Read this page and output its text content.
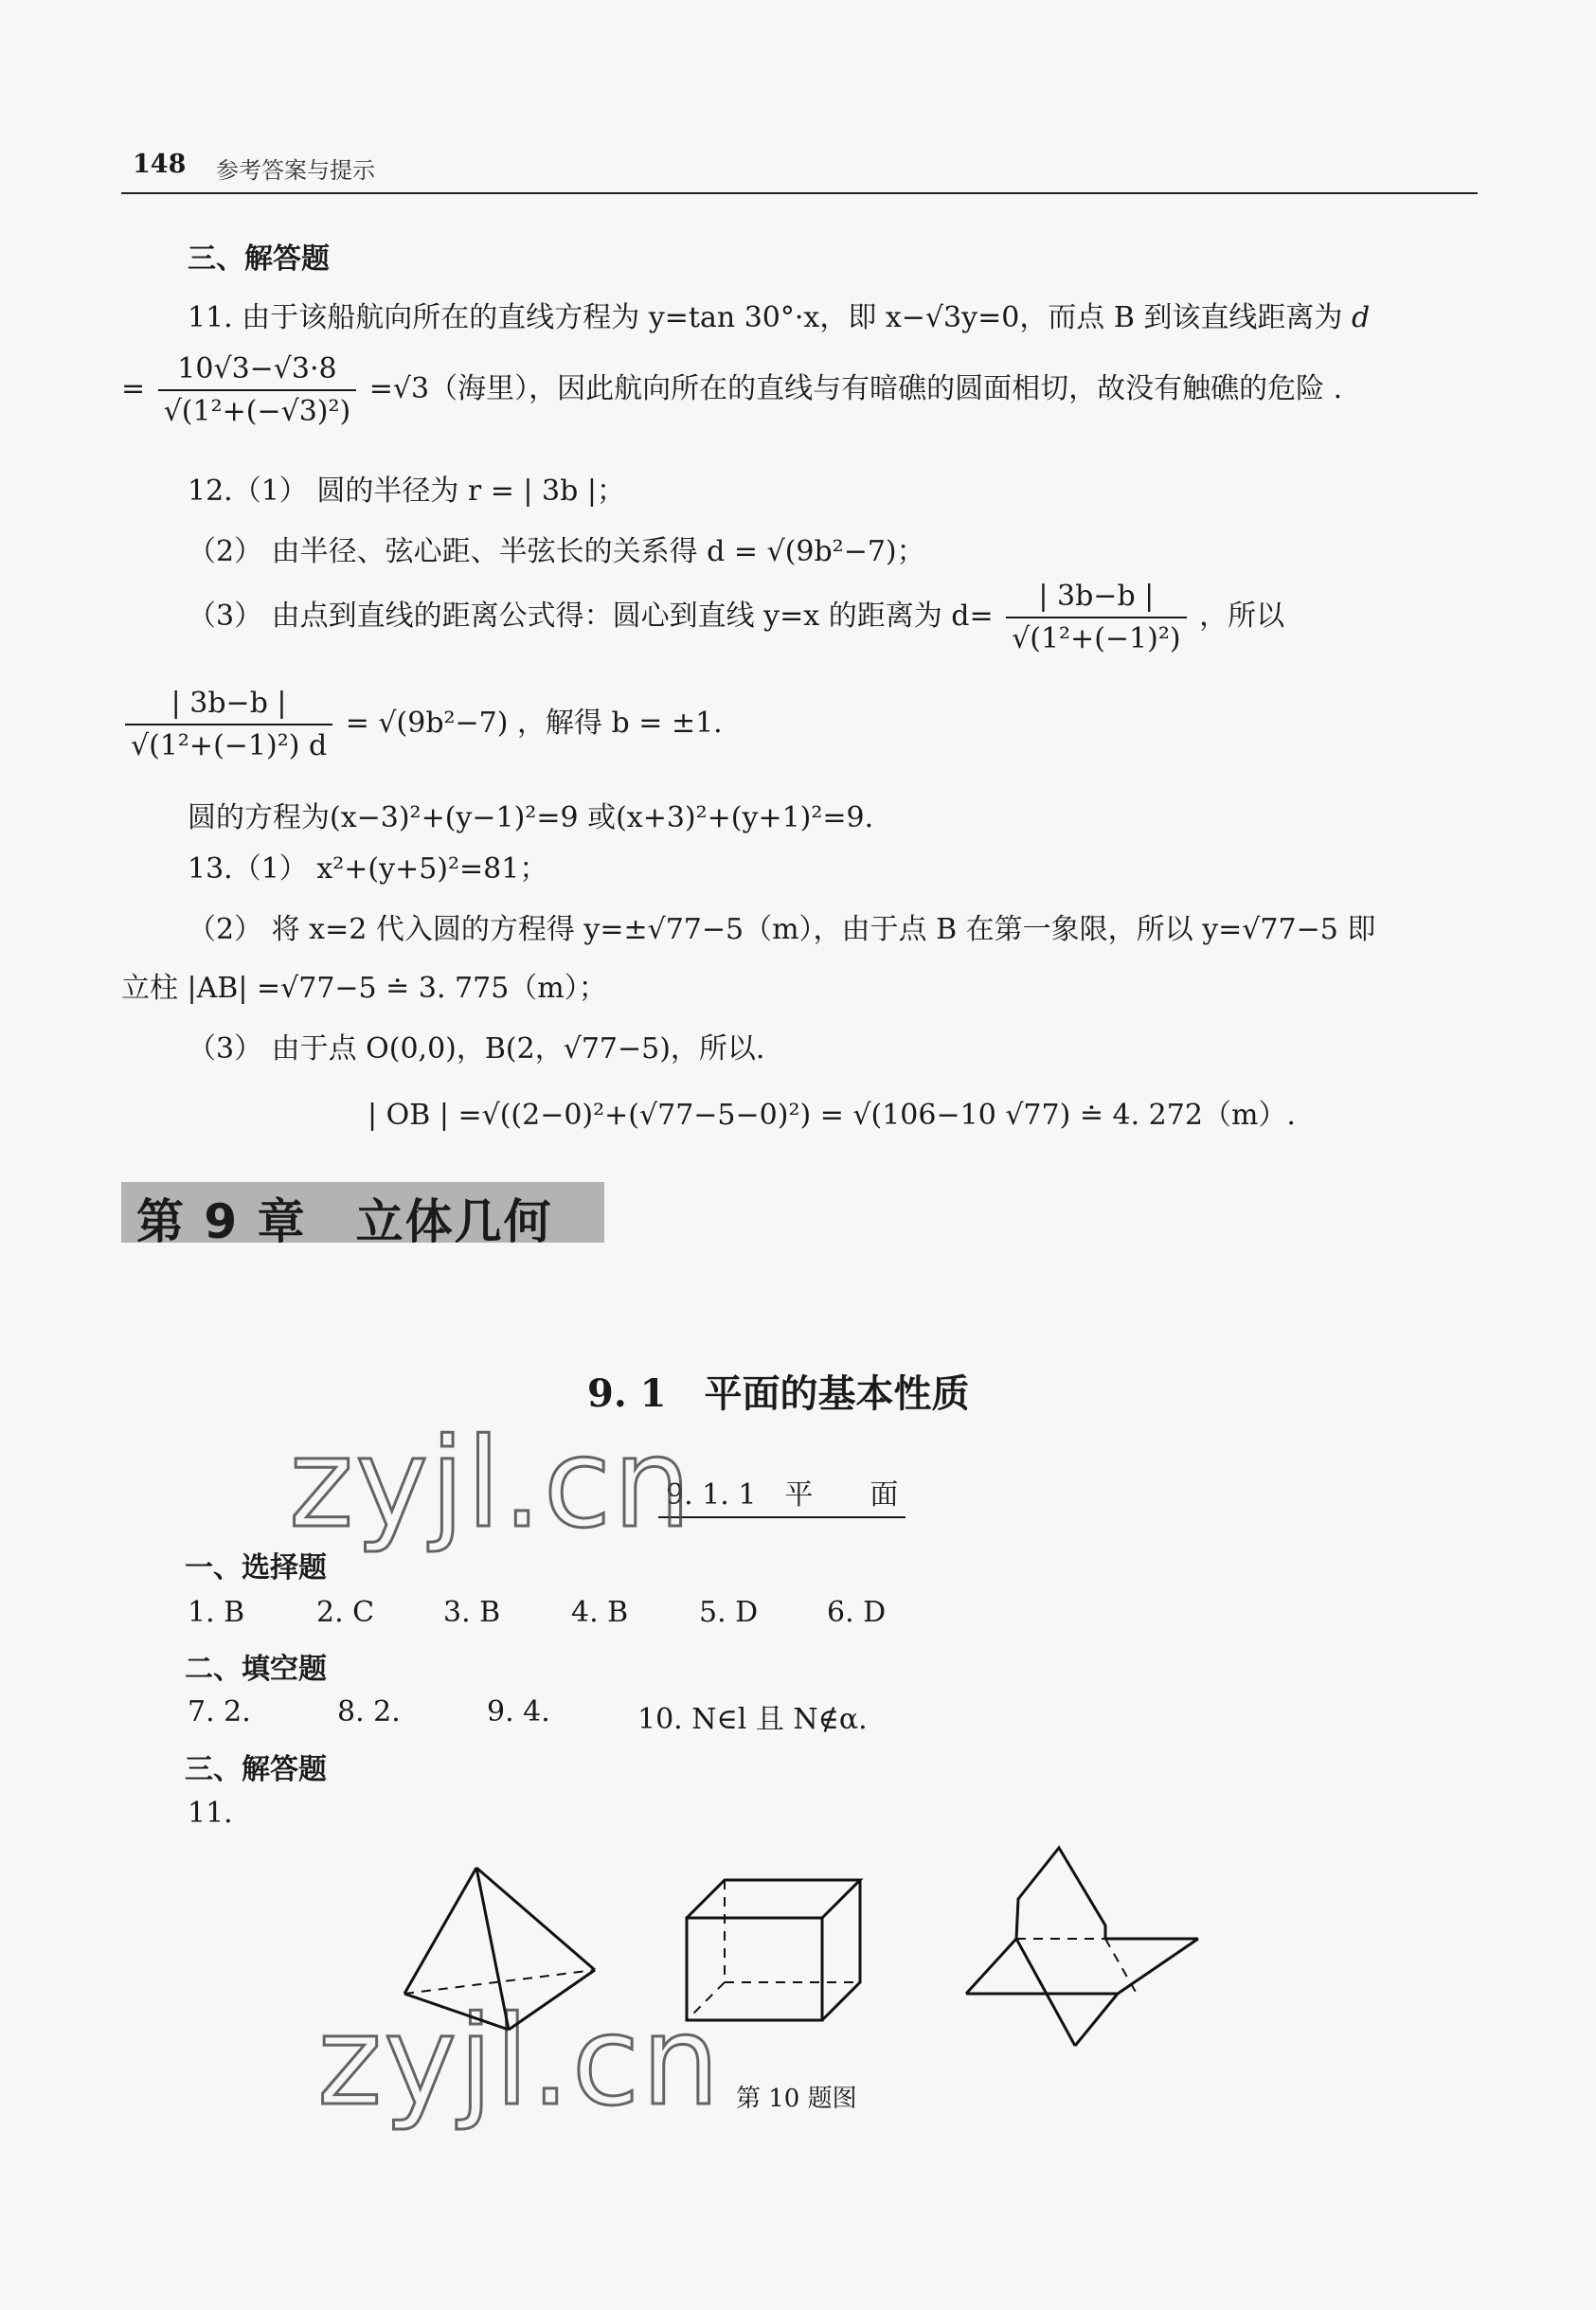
148 参考答案与提示
三、解答题
11. 由于该船航向所在的直线方程为 y=tan 30°·x，即 x−√3y=0，而点 B 到该直线距离为 d
= $\frac{10√3-√3\cdot 8}{\text{√(1²+(−√3)²)}} =√3$（海里），因此航向所在的直线与有暗礁的圆面相切，故没有触礁的危险 .
12.（1） 圆的半径为 r = | 3b |；
（2） 由半径、弦心距、半弦长的关系得 d = √(9b²−7)；
（3） 由点到直线的距离公式得：圆心到直线 y=x 的距离为 $d= \frac{| 3b-b |}{\text{√(1²+(−1)²)}}$ ，所以
$\frac{| 3b-b |}{\text{√(1²+(−1)²) d}} = √(9b^2-7)$ ，解得 b = ±1.
圆的方程为(x−3)²+(y−1)²=9 或(x+3)²+(y+1)²=9.
13.（1） x²+(y+5)²=81；
（2） 将 x=2 代入圆的方程得 y=±√77−5（m），由于点 B 在第一象限，所以 y=√77−5 即
立柱 |AB| =√77−5 ≐ 3. 775（m）；
（3） 由于点 O(0,0)，B(2，√77−5)，所以.
| OB | =√((2−0)²+(√77−5−0)²) = √(106−10 √77) ≐ 4. 272（m）.
第 9 章　立体几何
9. 1　平面的基本性质
9. 1. 1　平　　面
zyjl.cn
zyjl.cn
一、选择题
1. B	2. C 3. B 4. B 5. D 6. D
二、填空题
7. 2.	8. 2.	9. 4.	10. N∈l 且 N∉α.
三、解答题
11.
第 10 题图
